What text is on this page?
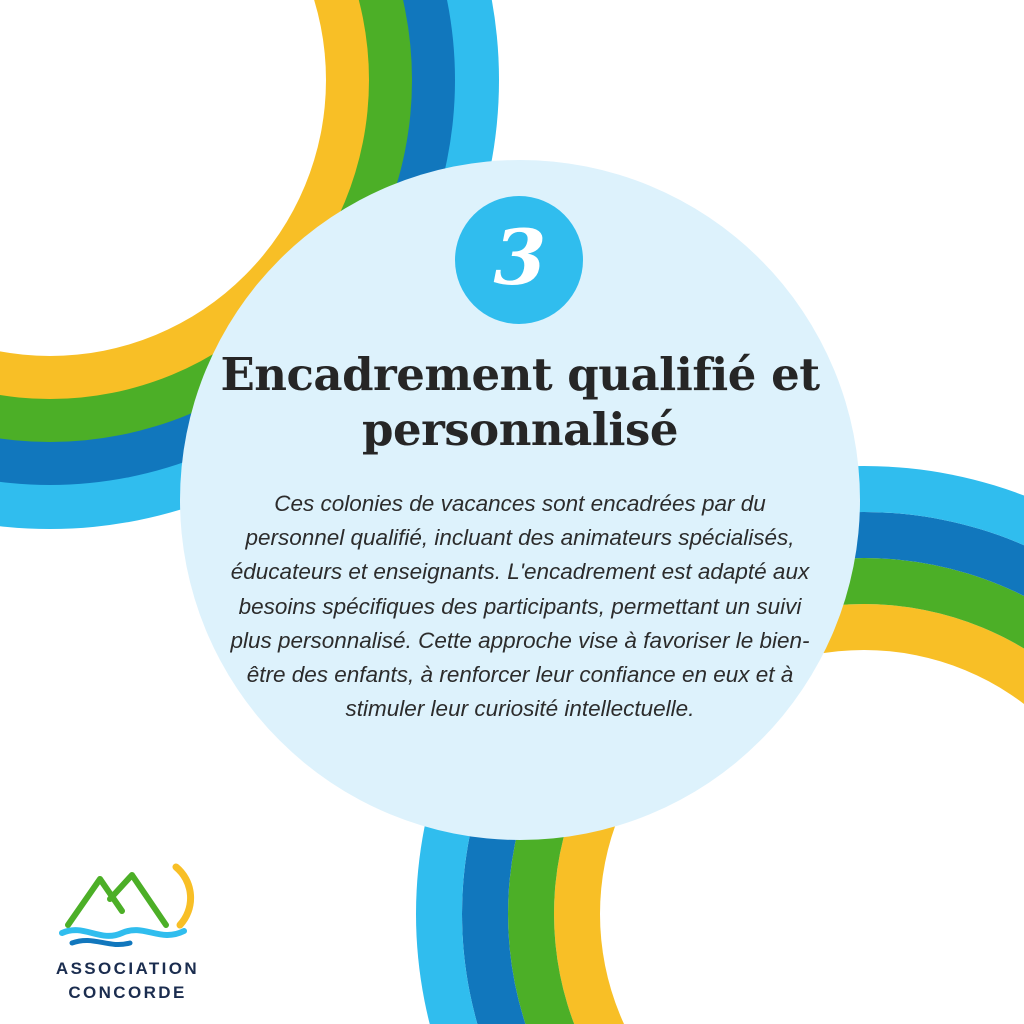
3
Encadrement qualifié et personnalisé
Ces colonies de vacances sont encadrées par du personnel qualifié, incluant des animateurs spécialisés, éducateurs et enseignants. L'encadrement est adapté aux besoins spécifiques des participants, permettant un suivi plus personnalisé. Cette approche vise à favoriser le bien-être des enfants, à renforcer leur confiance en eux et à stimuler leur curiosité intellectuelle.
ASSOCIATION
CONCORDE
